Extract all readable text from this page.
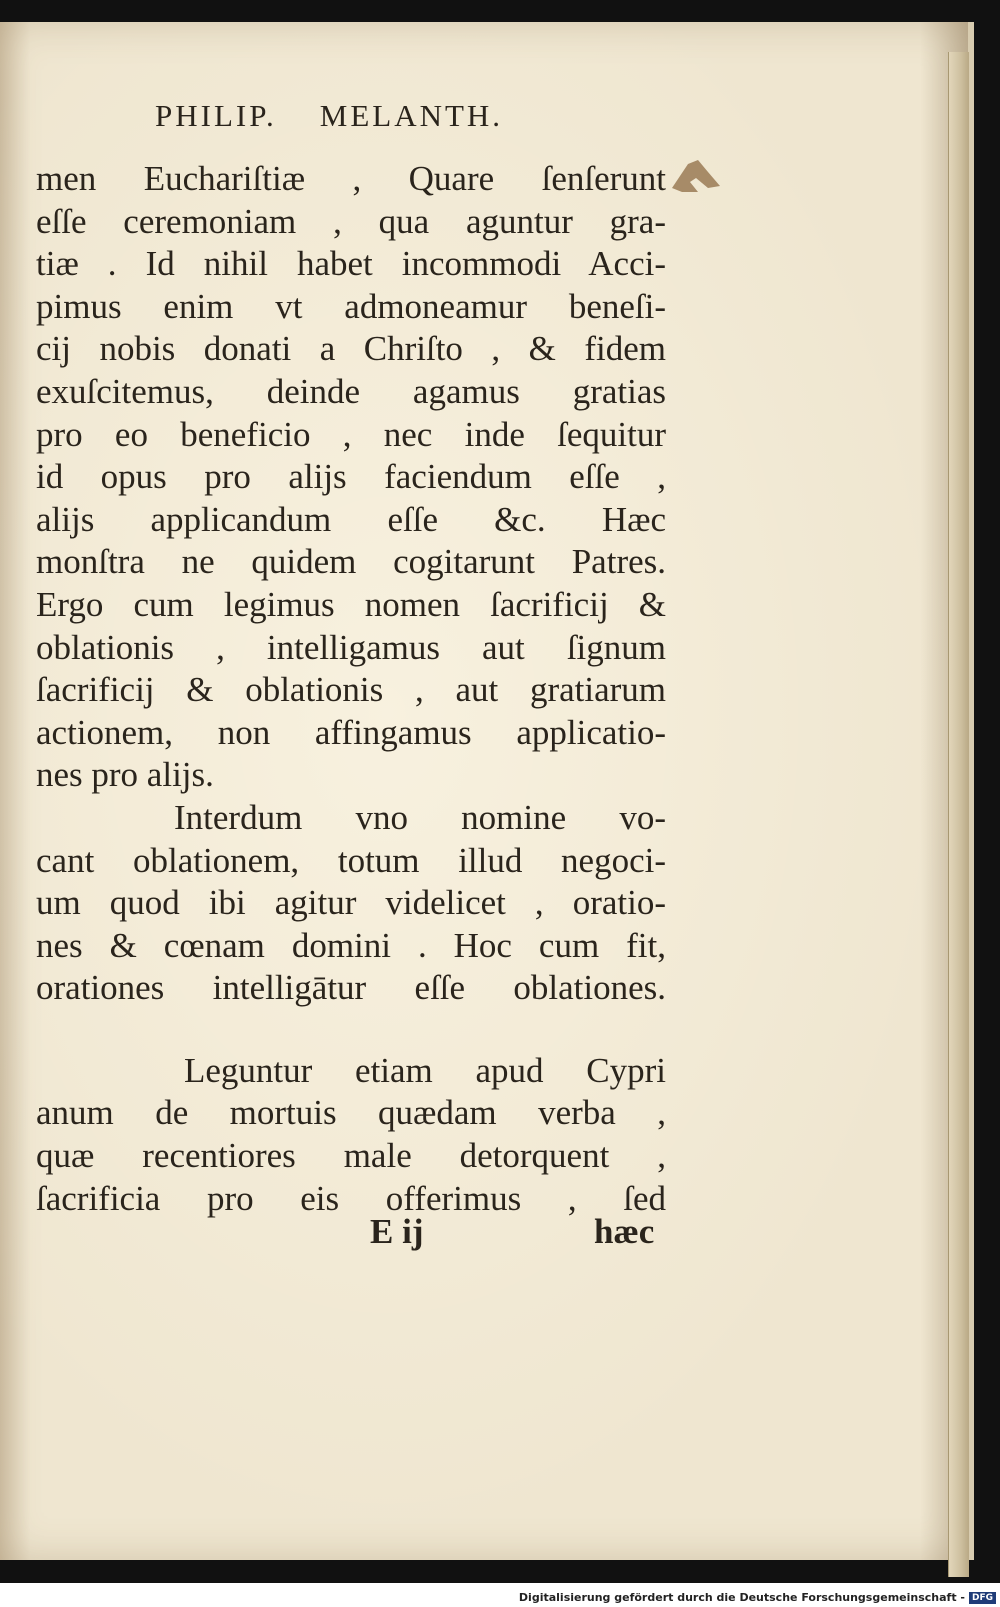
PHILIP.    MELANTH.
men Euchariſtiæ , Quare ſenſerunt
eſſe ceremoniam , qua aguntur gra-
tiæ . Id nihil habet incommodi Acci-
pimus enim vt admoneamur beneſi-
cij nobis donati a Chriſto , & fidem
exuſcitemus, deinde agamus gratias
pro eo beneficio , nec inde ſequitur
id opus pro alijs faciendum eſſe ,
alijs applicandum eſſe &c. Hæc
monſtra ne quidem cogitarunt Patres.
Ergo cum legimus nomen ſacrificij &
oblationis , intelligamus aut ſignum
ſacrificij & oblationis , aut gratiarum
actionem, non affingamus applicatio-
nes pro alijs.
Interdum vno nomine vo-
cant oblationem, totum illud negoci-
um quod ibi agitur videlicet , oratio-
nes & cœnam domini . Hoc cum fit,
orationes intelligātur eſſe oblationes.
Leguntur etiam apud Cypri
anum de mortuis quædam verba ,
quæ recentiores male detorquent ,
ſacrificia pro eis offerimus , ſed
E ij	hæc
Digitalisierung gefördert durch die Deutsche Forschungsgemeinschaft - DFG
